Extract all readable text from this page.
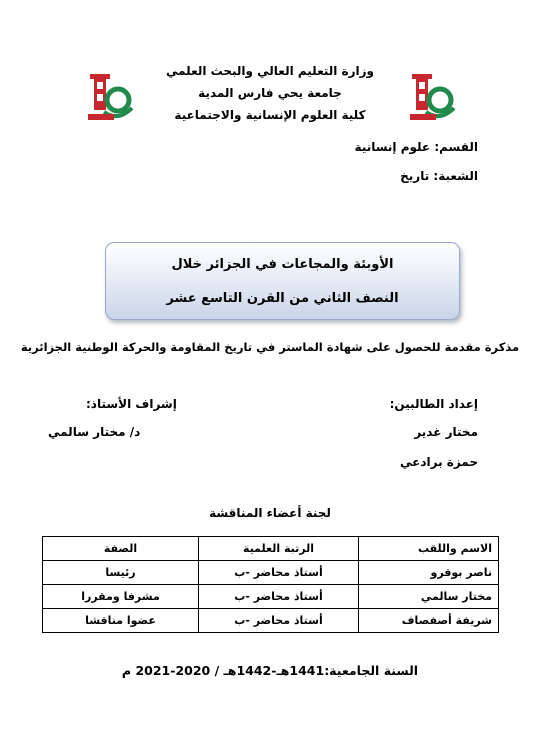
وزارة التعليم العالي والبحث العلمي
جامعة يحي فارس المدية
كلية العلوم الإنسانية والاجتماعية
القسم: علوم إنسانية
الشعبة: تاريخ
الأوبئة والمجاعات في الجزائر خلال
النصف الثاني من القرن التاسع عشر
مذكرة مقدمة للحصول على شهادة الماستر في تاريخ المقاومة والحركة الوطنية الجزائرية
إعداد الطالبين:
مختار غدير
حمزة برادعي
إشراف الأستاذ:
د/ مختار سالمي
لجنة أعضاء المناقشة
الاسم واللقب	الرتبة العلمية	الصفة
ناصر بوقرو	أستاذ محاضر -ب	رئيسا
مختار سالمي	أستاذ محاضر -ب	مشرفا ومقررا
شريفة أصفصاف	أستاذ محاضر -ب	عضوا مناقشا
السنة الجامعية:1441هـ-1442هـ / 2020-2021 م
